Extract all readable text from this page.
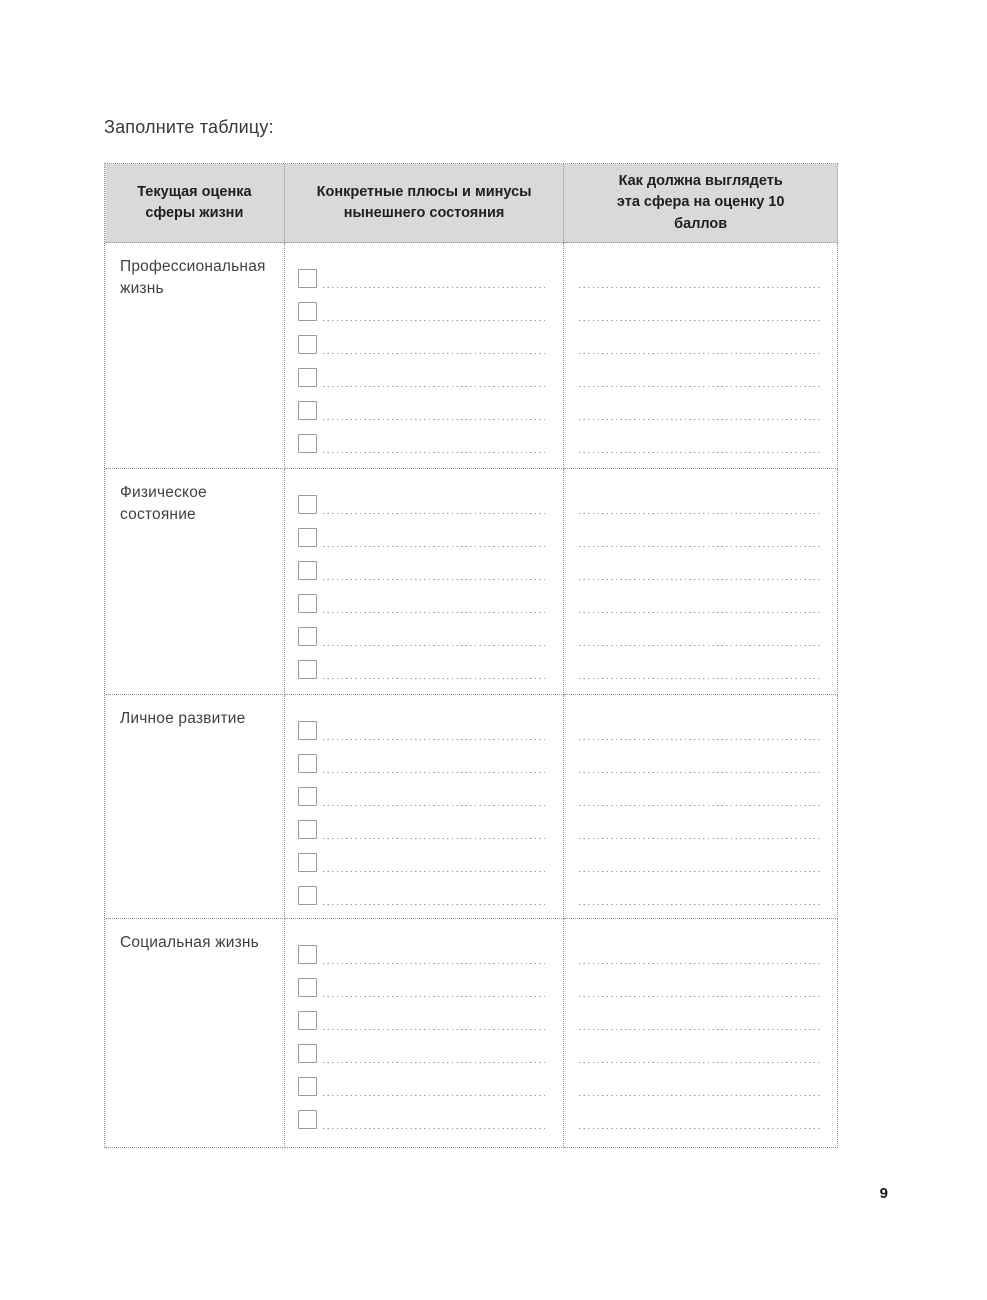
Заполните таблицу:
Текущая оценка сферы жизни
Конкретные плюсы и минусы нынешнего состояния
Как должна выглядеть эта сфера на оценку 10 баллов
Профессиональная жизнь
Физическое состояние
Личное развитие
Социальная жизнь
9
